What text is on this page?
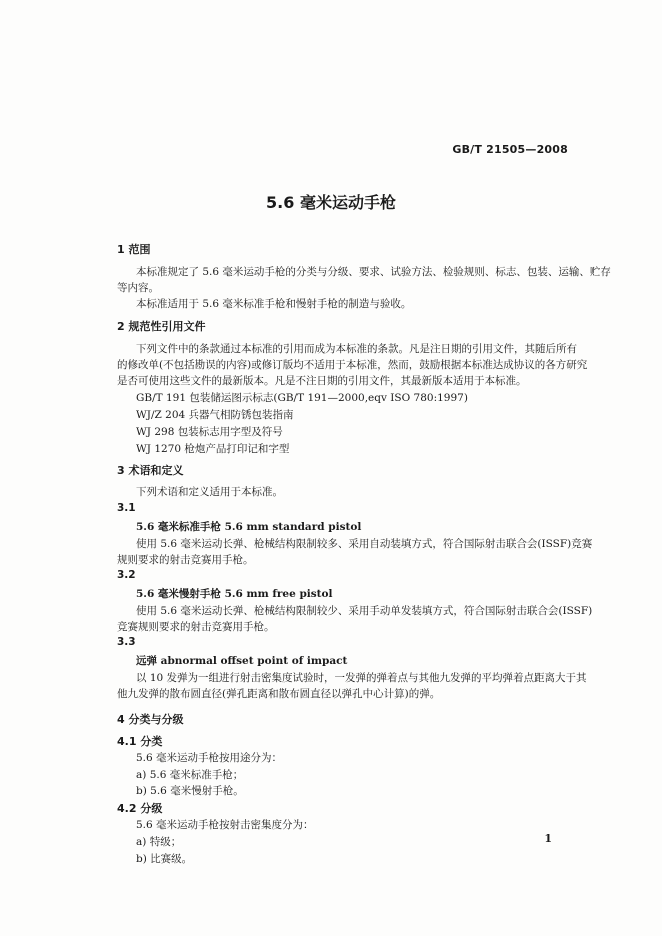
GB/T 21505—2008
5.6 毫米运动手枪
1 范围
本标准规定了 5.6 毫米运动手枪的分类与分级、要求、试验方法、检验规则、标志、包装、运输、贮存
等内容。
本标准适用于 5.6 毫米标准手枪和慢射手枪的制造与验收。
2 规范性引用文件
下列文件中的条款通过本标准的引用而成为本标准的条款。凡是注日期的引用文件，其随后所有
的修改单(不包括勘误的内容)或修订版均不适用于本标准，然而，鼓励根据本标准达成协议的各方研究
是否可使用这些文件的最新版本。凡是不注日期的引用文件，其最新版本适用于本标准。
GB/T 191 包装储运图示标志(GB/T 191—2000,eqv ISO 780:1997)
WJ/Z 204 兵器气相防锈包装指南
WJ 298 包装标志用字型及符号
WJ 1270 枪炮产品打印记和字型
3 术语和定义
下列术语和定义适用于本标准。
3.1
5.6 毫米标准手枪 5.6 mm standard pistol
使用 5.6 毫米运动长弹、枪械结构限制较多、采用自动装填方式，符合国际射击联合会(ISSF)竞赛
规则要求的射击竞赛用手枪。
3.2
5.6 毫米慢射手枪 5.6 mm free pistol
使用 5.6 毫米运动长弹、枪械结构限制较少、采用手动单发装填方式，符合国际射击联合会(ISSF)
竞赛规则要求的射击竞赛用手枪。
3.3
远弹 abnormal offset point of impact
以 10 发弹为一组进行射击密集度试验时，一发弹的弹着点与其他九发弹的平均弹着点距离大于其
他九发弹的散布圆直径(弹孔距离和散布圆直径以弹孔中心计算)的弹。
4 分类与分级
4.1 分类
5.6 毫米运动手枪按用途分为：
a) 5.6 毫米标准手枪；
b) 5.6 毫米慢射手枪。
4.2 分级
5.6 毫米运动手枪按射击密集度分为：
a) 特级；
b) 比赛级。
1
